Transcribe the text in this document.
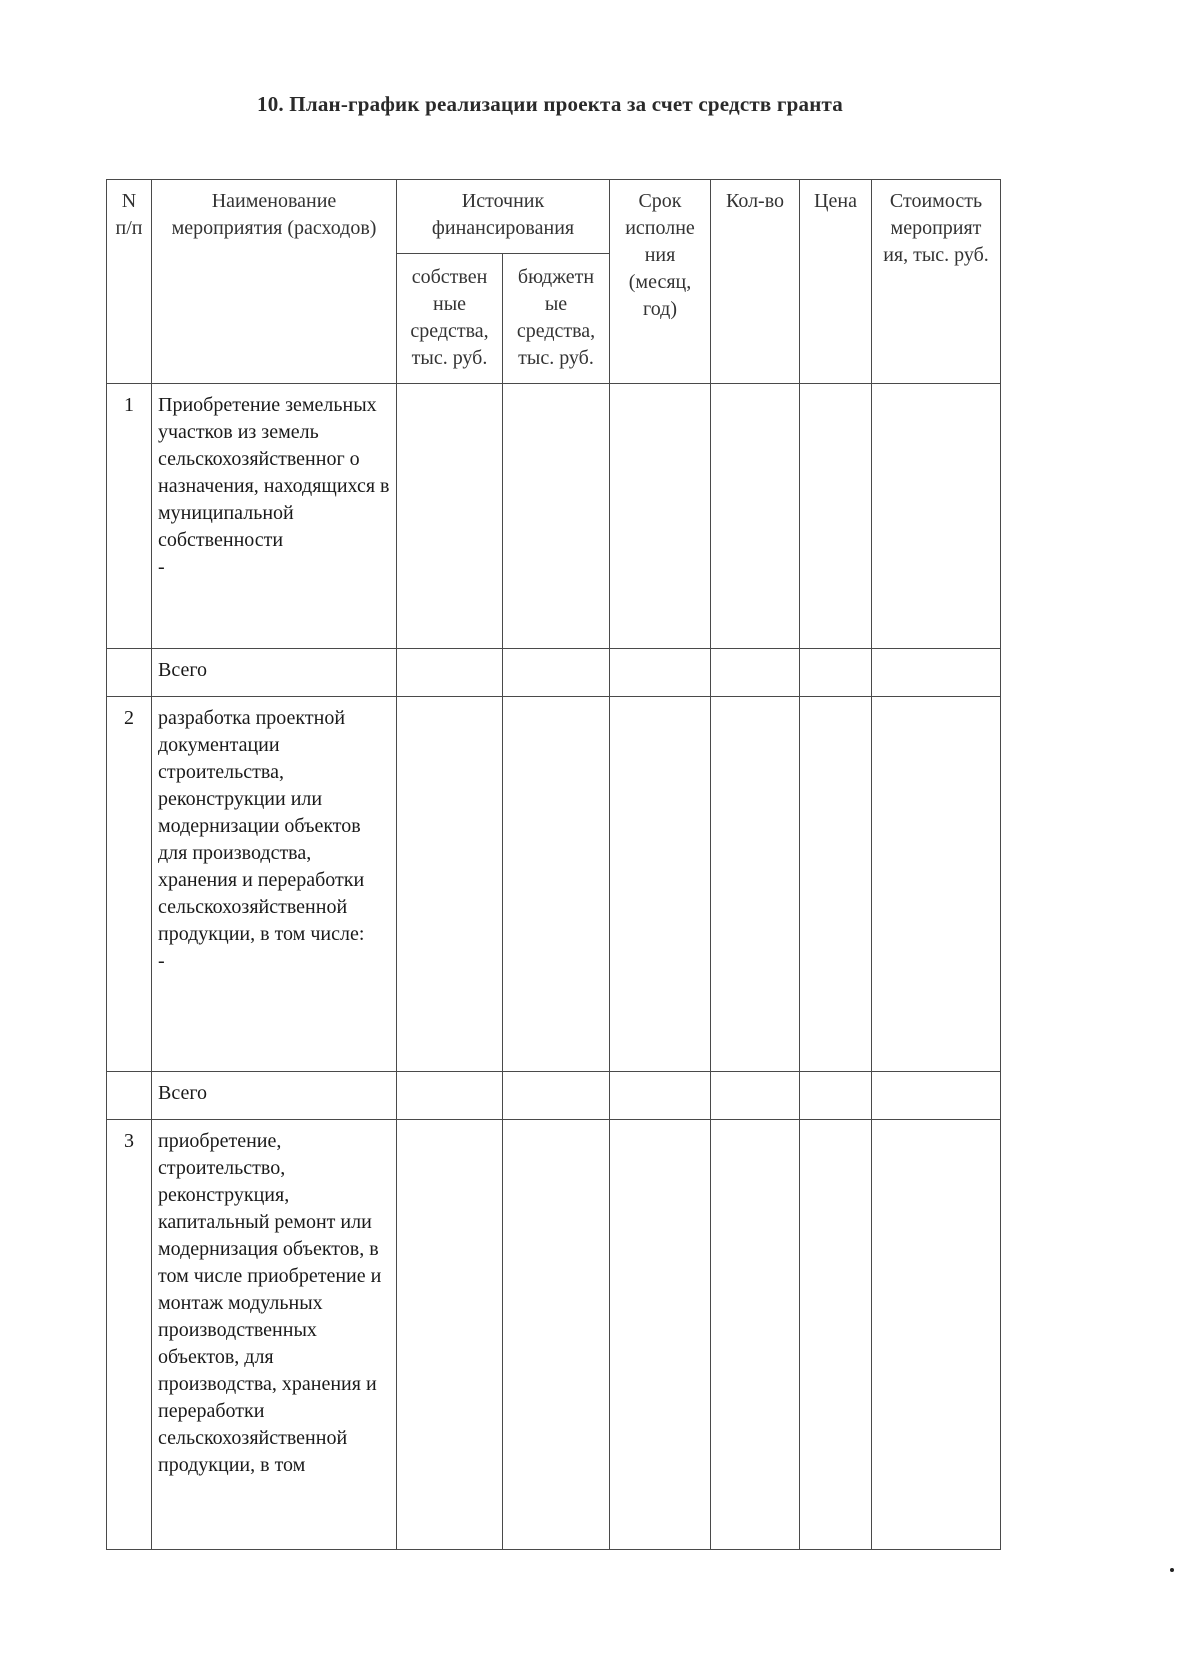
10. План-график реализации проекта за счет средств гранта
N п/п	Наименование мероприятия (расходов)	Источник финансирования		Срок исполне ния (месяц, год)	Кол-во	Цена	Стоимость мероприят ия, тыс. руб.
		собствен ные средства, тыс. руб.	бюджетн ые средства, тыс. руб.				
1	Приобретение земельных участков из земель сельскохозяйственног о назначения, находящихся в муниципальной собственности
-						

	Всего						
2	разработка проектной документации строительства, реконструкции или модернизации объектов для производства, хранения и переработки сельскохозяйственной продукции, в том числе:
-						

	Всего						
3	приобретение, строительство, реконструкция, капитальный ремонт или модернизация объектов, в том числе приобретение и монтаж модульных производственных объектов, для производства, хранения и переработки сельскохозяйственной продукции, в том						
